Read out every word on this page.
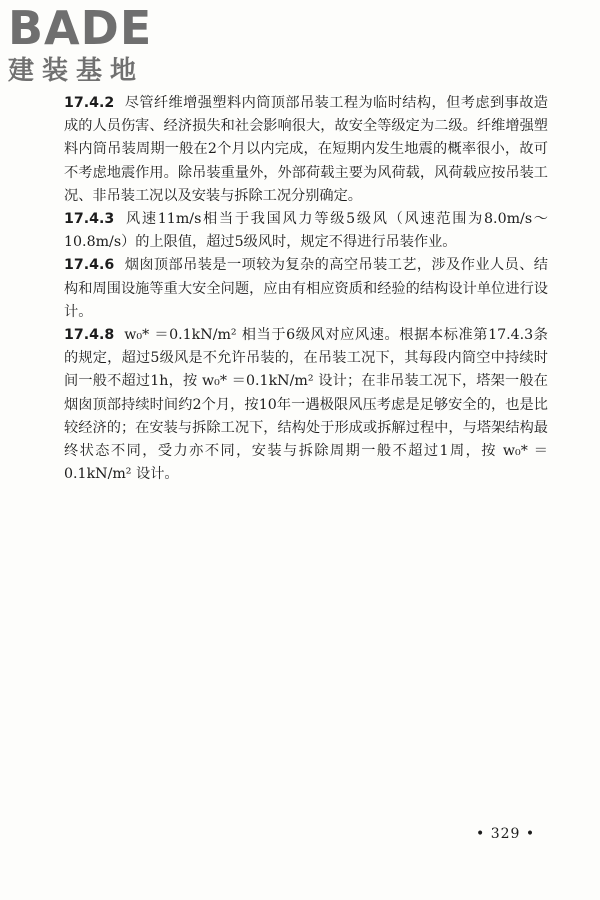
BADE
建装基地

17.4.2 尽管纤维增强塑料内筒顶部吊装工程为临时结构，但考虑到事故造成的人员伤害、经济损失和社会影响很大，故安全等级定为二级。纤维增强塑料内筒吊装周期一般在2个月以内完成，在短期内发生地震的概率很小，故可不考虑地震作用。除吊装重量外，外部荷载主要为风荷载，风荷载应按吊装工况、非吊装工况以及安装与拆除工况分别确定。

17.4.3 风速11m/s相当于我国风力等级5级风（风速范围为8.0m/s～10.8m/s）的上限值，超过5级风时，规定不得进行吊装作业。

17.4.6 烟囱顶部吊装是一项较为复杂的高空吊装工艺，涉及作业人员、结构和周围设施等重大安全问题，应由有相应资质和经验的结构设计单位进行设计。

17.4.8 w₀* ＝0.1kN/m² 相当于6级风对应风速。根据本标准第17.4.3条的规定，超过5级风是不允许吊装的，在吊装工况下，其每段内筒空中持续时间一般不超过1h，按 w₀* ＝0.1kN/m² 设计；在非吊装工况下，塔架一般在烟囱顶部持续时间约2个月，按10年一遇极限风压考虑是足够安全的，也是比较经济的；在安装与拆除工况下，结构处于形成或拆解过程中，与塔架结构最终状态不同，受力亦不同，安装与拆除周期一般不超过1周，按 w₀* ＝0.1kN/m² 设计。

• 329 •
